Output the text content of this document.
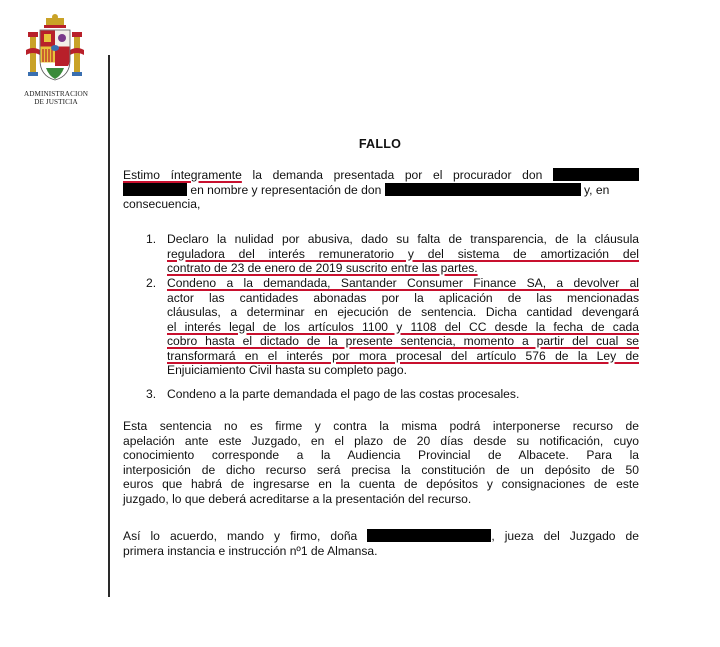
ADMINISTRACION
DE JUSTICIA
FALLO
Estimo íntegramente la demanda presentada por el procurador don
en nombre y representación de don	y, en
consecuencia,
1. Declaro la nulidad por abusiva, dado su falta de transparencia, de la cláusula
reguladora del interés remuneratorio y del sistema de amortización del
contrato de 23 de enero de 2019 suscrito entre las partes.
2. Condeno a la demandada, Santander Consumer Finance SA, a devolver al
actor las cantidades abonadas por la aplicación de las mencionadas
cláusulas, a determinar en ejecución de sentencia. Dicha cantidad devengará
el interés legal de los artículos 1100 y 1108 del CC desde la fecha de cada
cobro hasta el dictado de la presente sentencia, momento a partir del cual se
transformará en el interés por mora procesal del artículo 576 de la Ley de
Enjuiciamiento Civil hasta su completo pago.
3. Condeno a la parte demandada el pago de las costas procesales.
Esta sentencia no es firme y contra la misma podrá interponerse recurso de
apelación ante este Juzgado, en el plazo de 20 días desde su notificación, cuyo
conocimiento corresponde a la Audiencia Provincial de Albacete. Para la
interposición de dicho recurso será precisa la constitución de un depósito de 50
euros que habrá de ingresarse en la cuenta de depósitos y consignaciones de este
juzgado, lo que deberá acreditarse a la presentación del recurso.
Así lo acuerdo, mando y firmo, doña	, jueza del Juzgado de
primera instancia e instrucción nº1 de Almansa.
